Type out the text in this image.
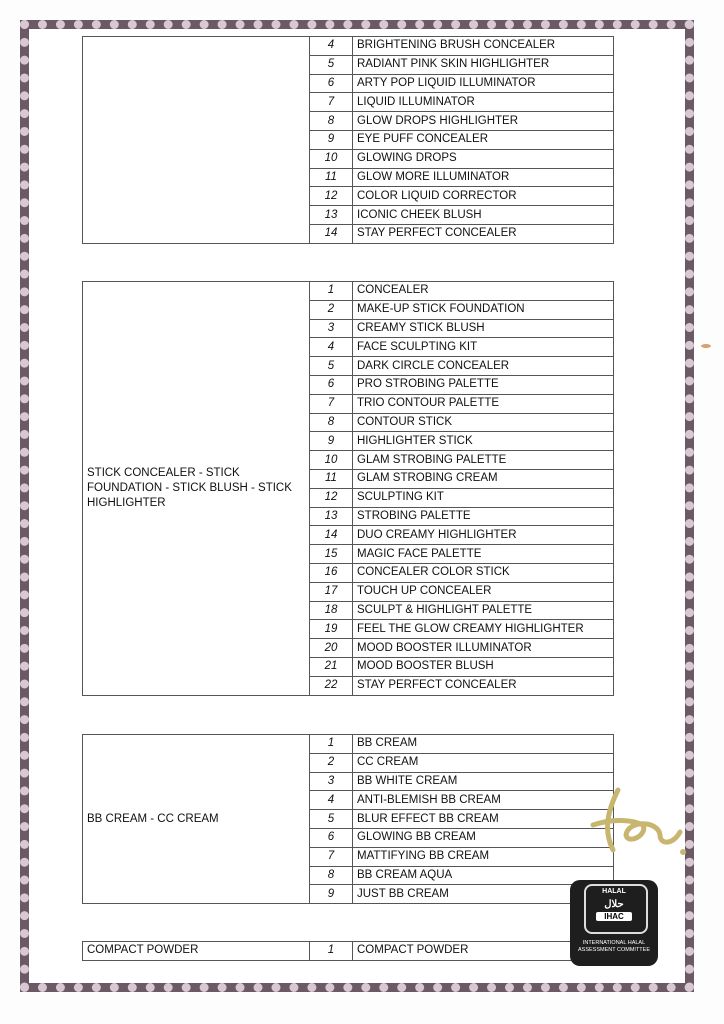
	4	BRIGHTENING BRUSH CONCEALER
	5	RADIANT PINK SKIN HIGHLIGHTER
	6	ARTY POP LIQUID ILLUMINATOR
	7	LIQUID ILLUMINATOR
	8	GLOW DROPS HIGHLIGHTER
	9	EYE PUFF CONCEALER
	10	GLOWING DROPS
	11	GLOW MORE ILLUMINATOR
	12	COLOR LIQUID CORRECTOR
	13	ICONIC CHEEK BLUSH
	14	STAY PERFECT CONCEALER
STICK CONCEALER - STICK FOUNDATION - STICK BLUSH - STICK HIGHLIGHTER	1	CONCEALER
	2	MAKE-UP STICK FOUNDATION
	3	CREAMY STICK BLUSH
	4	FACE SCULPTING KIT
	5	DARK CIRCLE CONCEALER
	6	PRO STROBING PALETTE
	7	TRIO CONTOUR PALETTE
	8	CONTOUR STICK
	9	HIGHLIGHTER STICK
	10	GLAM STROBING PALETTE
	11	GLAM STROBING CREAM
	12	SCULPTING KIT
	13	STROBING PALETTE
	14	DUO CREAMY HIGHLIGHTER
	15	MAGIC FACE PALETTE
	16	CONCEALER COLOR STICK
	17	TOUCH UP CONCEALER
	18	SCULPT & HIGHLIGHT PALETTE
	19	FEEL THE GLOW CREAMY HIGHLIGHTER
	20	MOOD BOOSTER ILLUMINATOR
	21	MOOD BOOSTER BLUSH
	22	STAY PERFECT CONCEALER
BB CREAM - CC CREAM	1	BB CREAM
	2	CC CREAM
	3	BB WHITE CREAM
	4	ANTI-BLEMISH BB CREAM
	5	BLUR EFFECT BB CREAM
	6	GLOWING BB CREAM
	7	MATTIFYING BB CREAM
	8	BB CREAM AQUA
	9	JUST BB CREAM
COMPACT POWDER	1	COMPACT POWDER
HALAL
حلال
IHAC
INTERNATIONAL HALAL ASSESSMENT COMMITTEE
